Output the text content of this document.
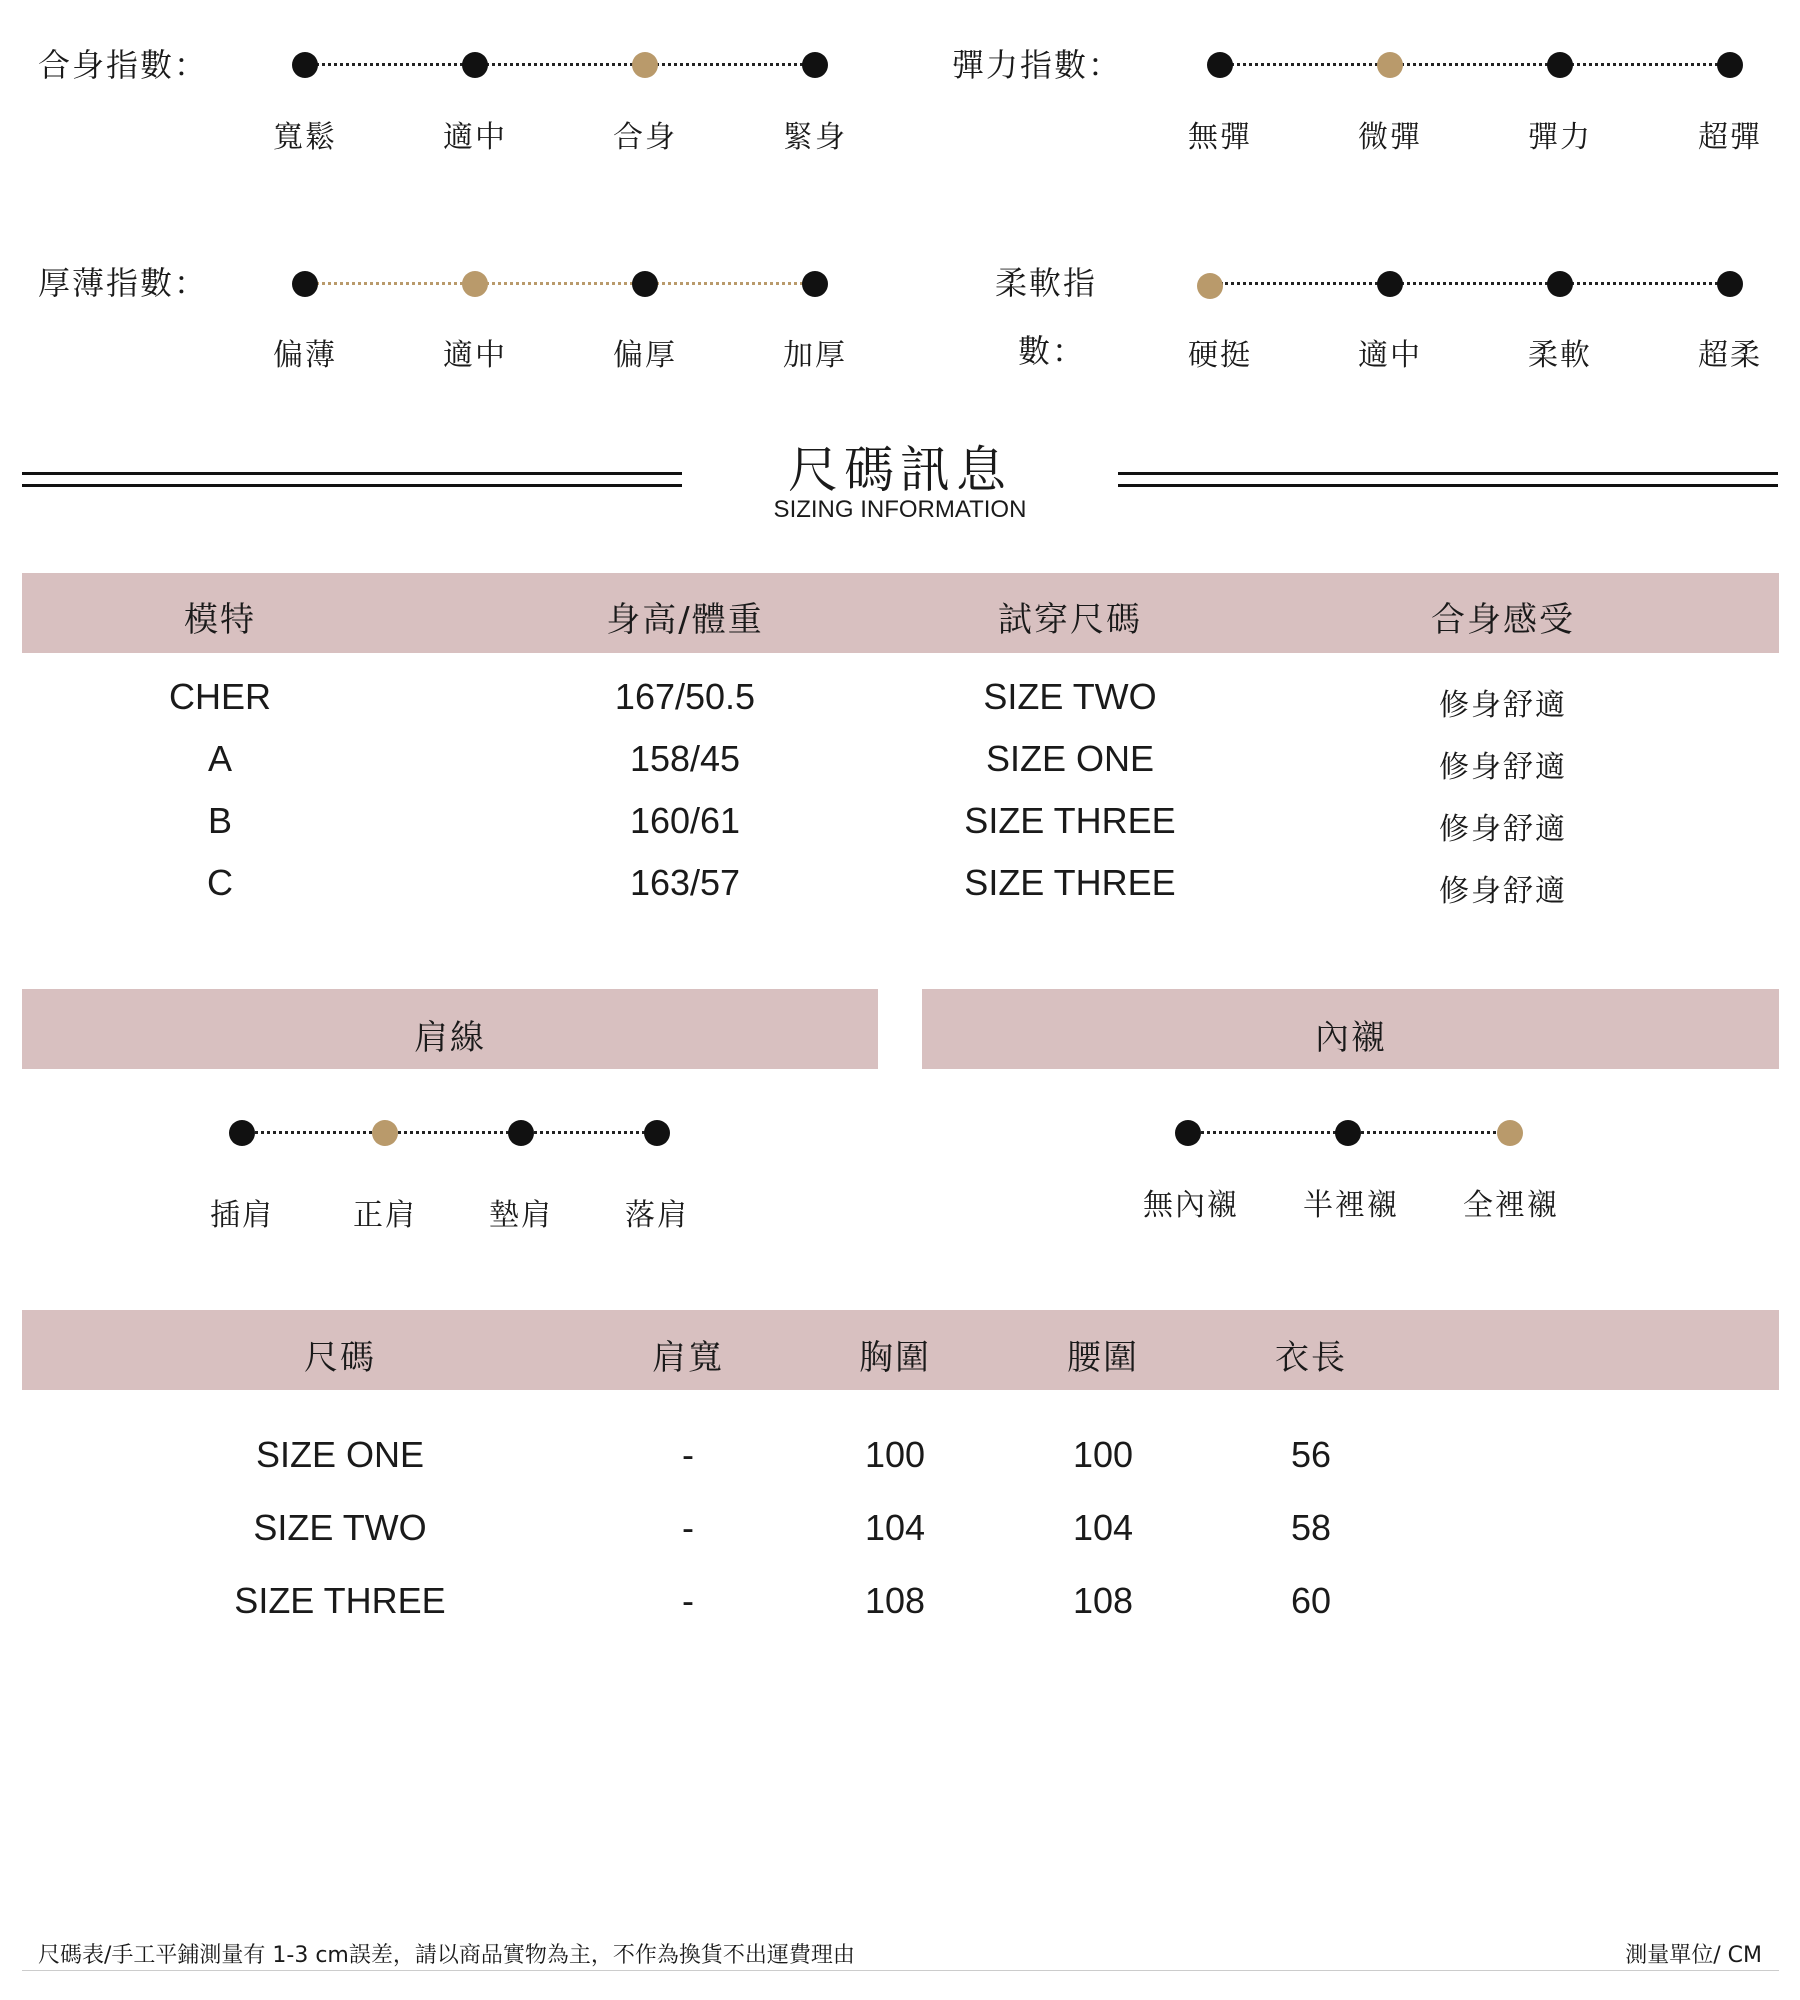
合身指數：
寬鬆	適中	合身	緊身
彈力指數：
無彈	微彈	彈力	超彈
厚薄指數：
偏薄	適中	偏厚	加厚
柔軟指
數：	硬挺	適中	柔軟	超柔
尺碼訊息
SIZING INFORMATION
模特	身高/體重	試穿尺碼	合身感受
CHER	167/50.5	SIZE TWO	修身舒適
A	158/45	SIZE ONE	修身舒適
B	160/61	SIZE THREE	修身舒適
C	163/57	SIZE THREE	修身舒適
肩線
插肩	正肩 墊肩 落肩
內襯
無內襯 半裡襯 全裡襯
尺碼	肩寬	胸圍	腰圍	衣長
SIZE ONE	-	100	100	56
SIZE TWO	-	104	104	58
SIZE THREE	-	108	108	60
尺碼表/手工平鋪測量有 1-3 cm誤差，請以商品實物為主，不作為換貨不出運費理由	測量單位/ CM
